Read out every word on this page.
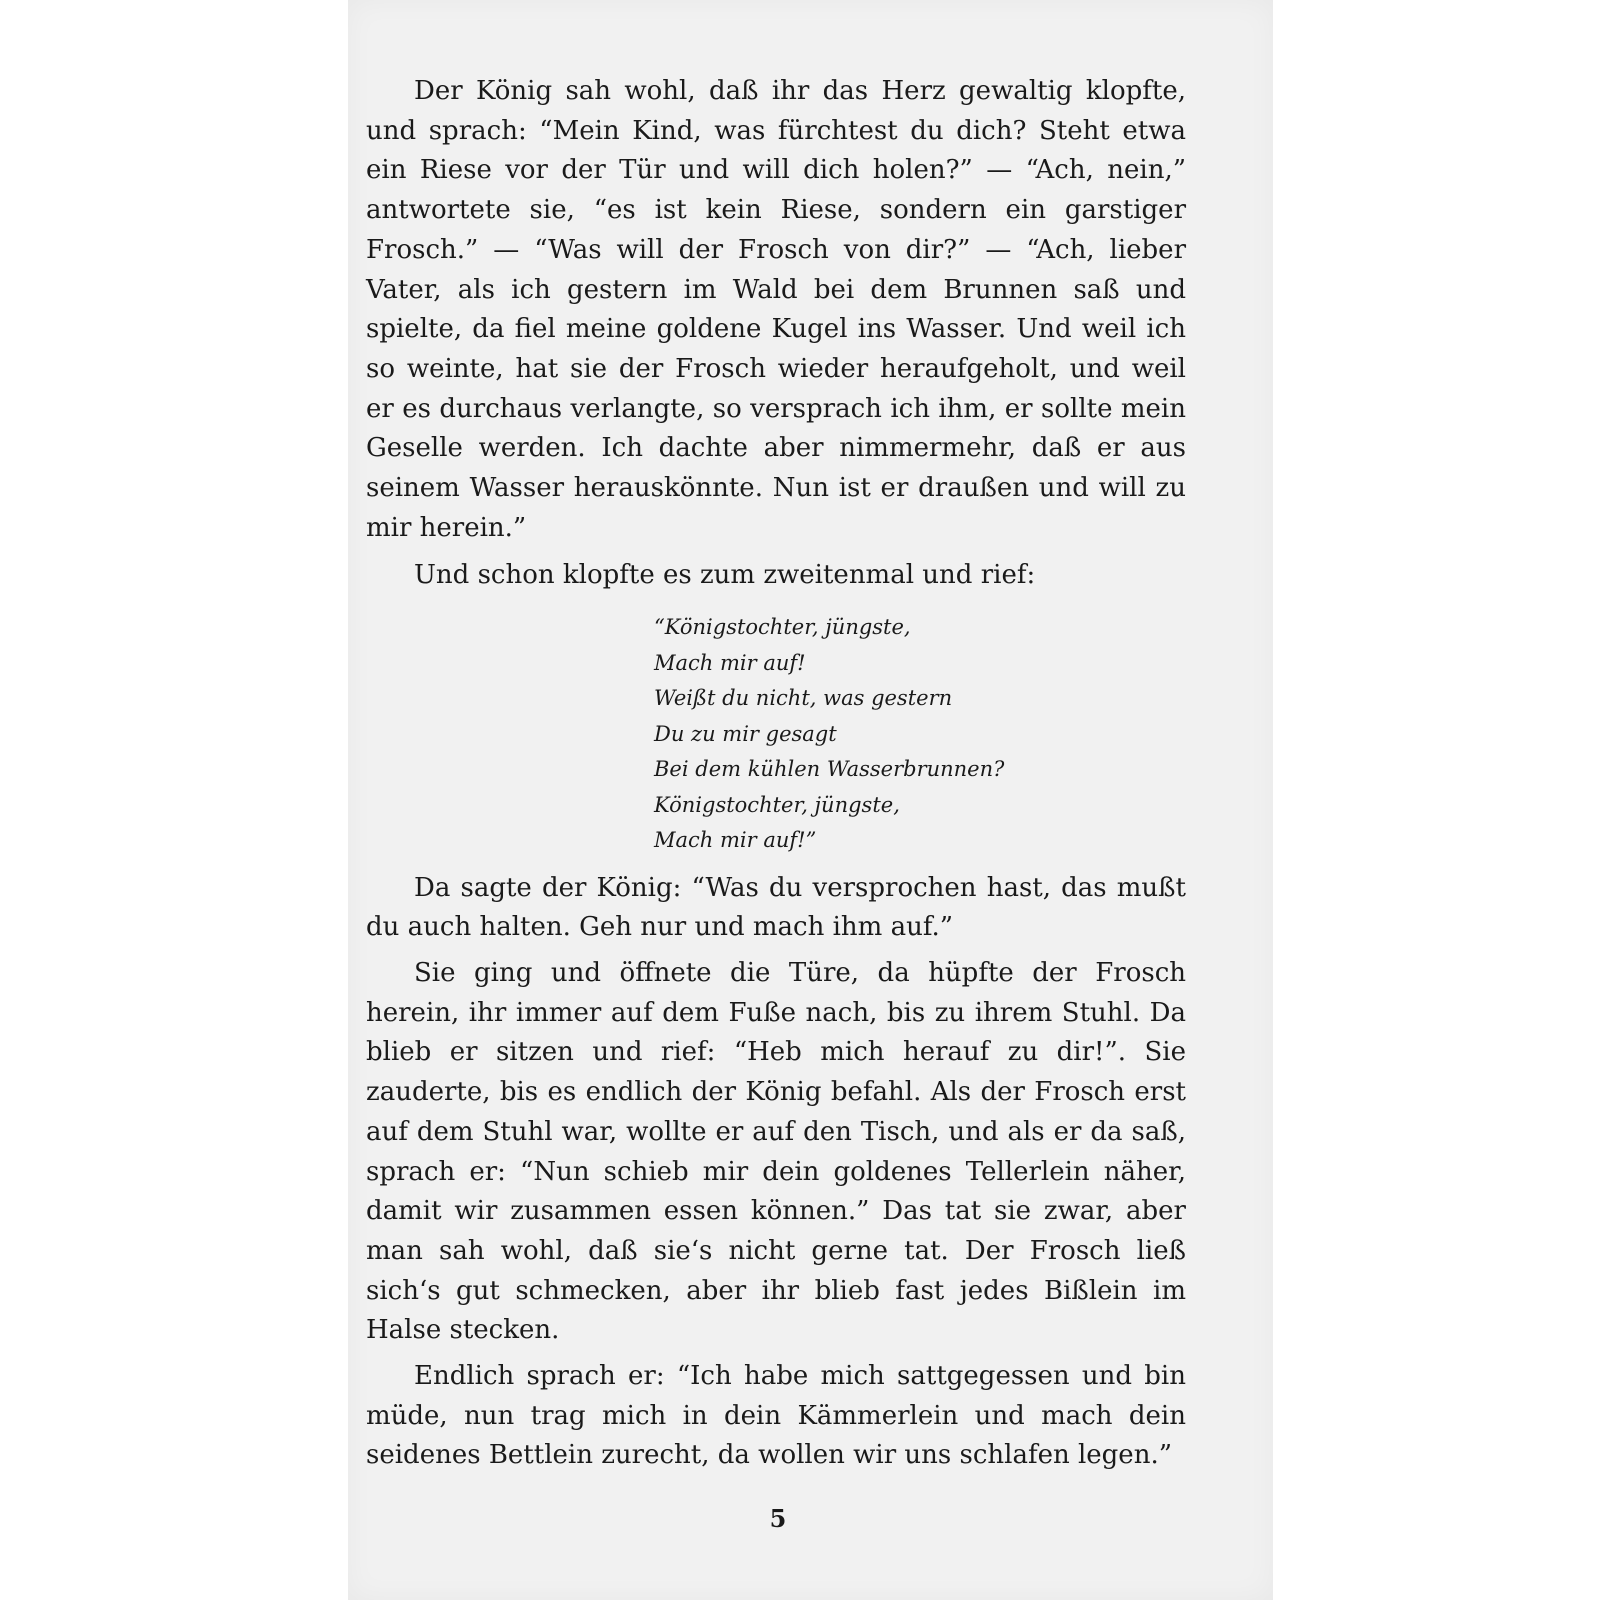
Der König sah wohl, daß ihr das Herz gewaltig klopfte, und sprach: “Mein Kind, was fürchtest du dich? Steht etwa ein Riese vor der Tür und will dich holen?” — “Ach, nein,” antwortete sie, “es ist kein Riese, sondern ein garstiger Frosch.” — “Was will der Frosch von dir?” — “Ach, lieber Vater, als ich gestern im Wald bei dem Brunnen saß und spielte, da fiel meine goldene Kugel ins Wasser. Und weil ich so weinte, hat sie der Frosch wieder heraufgeholt, und weil er es durchaus verlangte, so versprach ich ihm, er sollte mein Geselle werden. Ich dachte aber nimmermehr, daß er aus seinem Wasser herauskönnte. Nun ist er draußen und will zu mir herein.”

Und schon klopfte es zum zweitenmal und rief:

“Königstochter, jüngste,
Mach mir auf!
Weißt du nicht, was gestern
Du zu mir gesagt
Bei dem kühlen Wasserbrunnen?
Königstochter, jüngste,
Mach mir auf!”

Da sagte der König: “Was du versprochen hast, das mußt du auch halten. Geh nur und mach ihm auf.”

Sie ging und öffnete die Türe, da hüpfte der Frosch herein, ihr immer auf dem Fuße nach, bis zu ihrem Stuhl. Da blieb er sitzen und rief: “Heb mich herauf zu dir!”. Sie zauderte, bis es endlich der König befahl. Als der Frosch erst auf dem Stuhl war, wollte er auf den Tisch, und als er da saß, sprach er: “Nun schieb mir dein goldenes Tellerlein näher, damit wir zusammen essen können.” Das tat sie zwar, aber man sah wohl, daß sie‘s nicht gerne tat. Der Frosch ließ sich‘s gut schmecken, aber ihr blieb fast jedes Bißlein im Halse stecken.

Endlich sprach er: “Ich habe mich sattgegessen und bin müde, nun trag mich in dein Kämmerlein und mach dein seidenes Bettlein zurecht, da wollen wir uns schlafen legen.”

5
